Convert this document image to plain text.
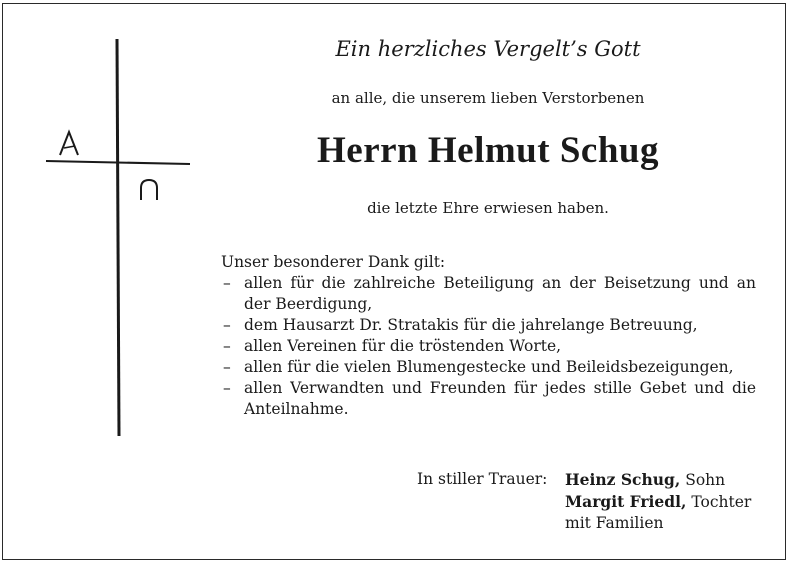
Ein herzliches Vergelt’s Gott
an alle, die unserem lieben Verstorbenen
Herrn Helmut Schug
die letzte Ehre erwiesen haben.
Unser besonderer Dank gilt:
– allen für die zahlreiche Beteiligung an der Beisetzung und an der Beerdigung,
– dem Hausarzt Dr. Stratakis für die jahrelange Betreuung,
– allen Vereinen für die tröstenden Worte,
– allen für die vielen Blumengestecke und Beileidsbezeigungen,
– allen Verwandten und Freunden für jedes stille Gebet und die Anteilnahme.
In stiller Trauer: Heinz Schug, Sohn
Margit Friedl, Tochter
mit Familien
